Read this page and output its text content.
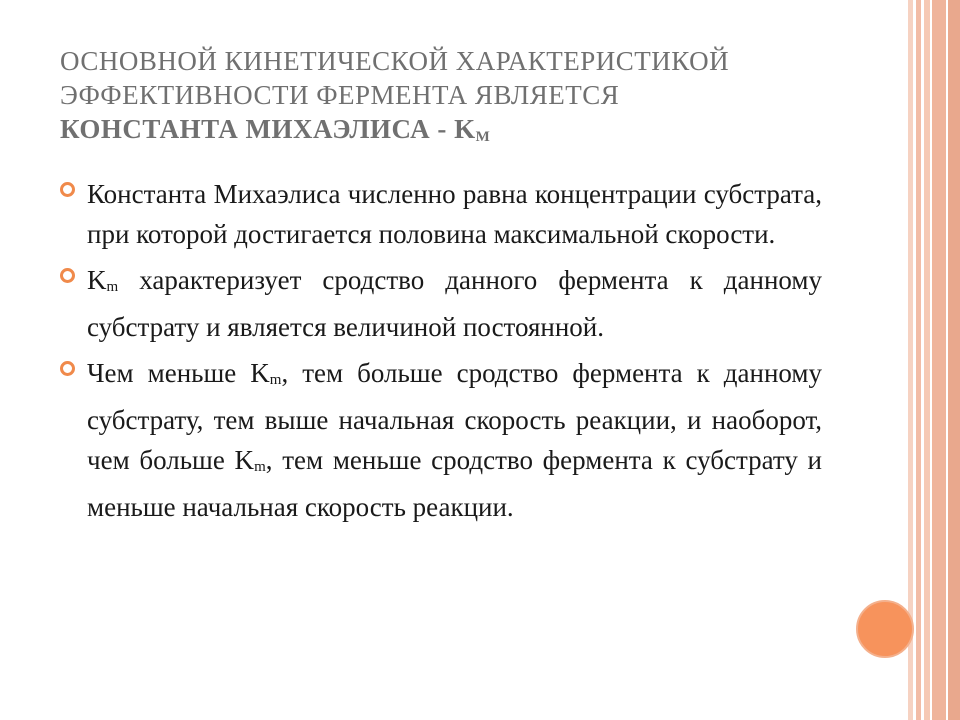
ОСНОВНОЙ КИНЕТИЧЕСКОЙ ХАРАКТЕРИСТИКОЙ
ЭФФЕКТИВНОСТИ ФЕРМЕНТА ЯВЛЯЕТСЯ
КОНСТАНТА МИХАЭЛИСА - $K_М$
Константа Михаэлиса численно равна концентрации субстрата, при которой достигается половина максимальной скорости.
$K_m$ характеризует сродство данного фермента к данному субстрату и является величиной постоянной.
Чем меньше $K_m$, тем больше сродство фермента к данному субстрату, тем выше начальная скорость реакции, и наоборот, чем больше $K_m$, тем меньше сродство фермента к субстрату и меньше начальная скорость реакции.
